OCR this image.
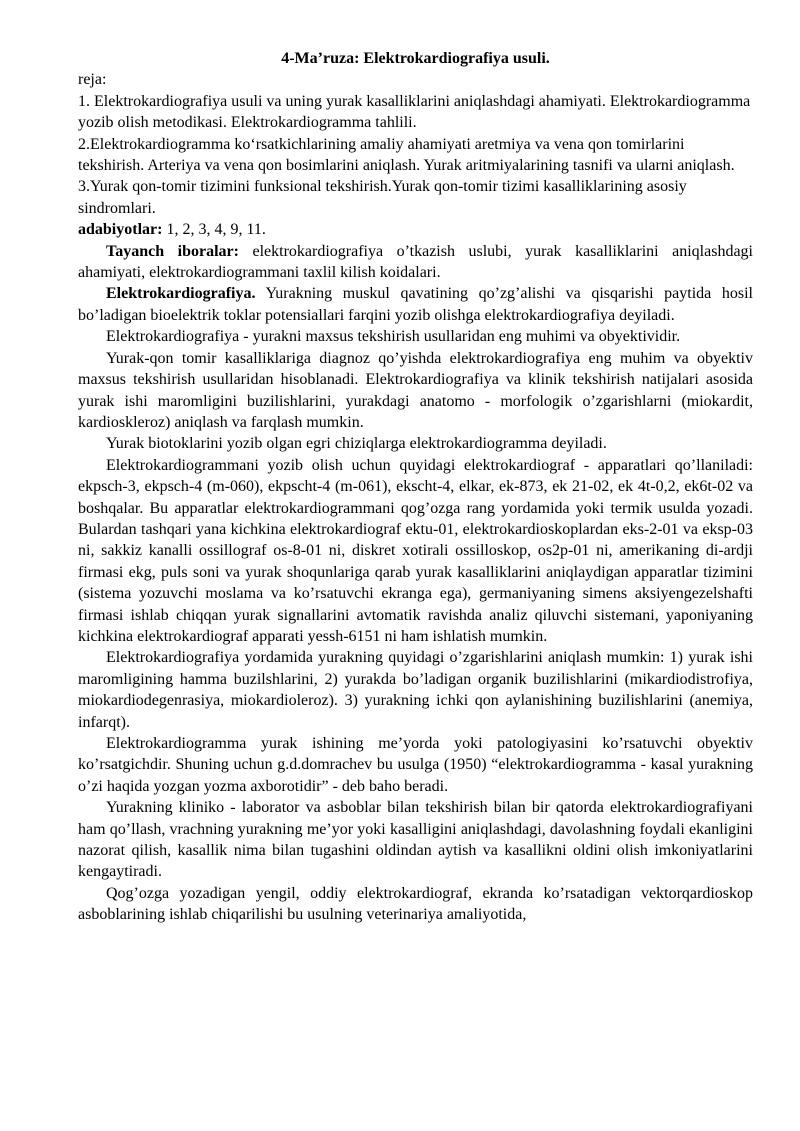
4-Ma’ruza: Elektrokardiografiya usuli.

reja:

1. Elektrokardiografiya usuli va uning yurak kasalliklarini aniqlashdagi ahamiyati. Elektrokardiogramma yozib olish metodikasi. Elektrokardiogramma tahlili.

2.Elektrokardiogramma ko‘rsatkichlarining amaliy ahamiyati aretmiya va vena qon tomirlarini tekshirish. Arteriya va vena qon bosimlarini aniqlash. Yurak aritmiyalarining tasnifi va ularni aniqlash.

3.Yurak qon-tomir tizimini funksional tekshirish.Yurak qon-tomir tizimi kasalliklarining asosiy sindromlari.

adabiyotlar: 1, 2, 3, 4, 9, 11.

Tayanch iboralar: elektrokardiografiya o’tkazish uslubi, yurak kasalliklarini aniqlashdagi ahamiyati, elektrokardiogrammani taxlil kilish koidalari.

Elektrokardiografiya. Yurakning muskul qavatining qo’zg’alishi va qisqarishi paytida hosil bo’ladigan bioelektrik toklar potensiallari farqini yozib olishga elektrokardiografiya deyiladi.

Elektrokardiografiya - yurakni maxsus tekshirish usullaridan eng muhimi va obyektividir.

Yurak-qon tomir kasalliklariga diagnoz qo’yishda elektrokardiografiya eng muhim va obyektiv maxsus tekshirish usullaridan hisoblanadi. Elektrokardiografiya va klinik tekshirish natijalari asosida yurak ishi maromligini buzilishlarini, yurakdagi anatomo - morfologik o’zgarishlarni (miokardit, kardioskleroz) aniqlash va farqlash mumkin.

Yurak biotoklarini yozib olgan egri chiziqlarga elektrokardiogramma deyiladi.

Elektrokardiogrammani yozib olish uchun quyidagi elektrokardiograf - apparatlari qo’llaniladi: ekpsch-3, ekpsch-4 (m-060), ekpscht-4 (m-061), ekscht-4, elkar, ek-873, ek 21-02, ek 4t-0,2, ek6t-02 va boshqalar. Bu apparatlar elektrokardiogrammani qog’ozga rang yordamida yoki termik usulda yozadi. Bulardan tashqari yana kichkina elektrokardiograf ektu-01, elektrokardioskoplardan eks-2-01 va eksp-03 ni, sakkiz kanalli ossillograf os-8-01 ni, diskret xotirali ossilloskop, os2p-01 ni, amerikaning di-ardji firmasi ekg, puls soni va yurak shoqunlariga qarab yurak kasalliklarini aniqlaydigan apparatlar tizimini (sistema yozuvchi moslama va ko’rsatuvchi ekranga ega), germaniyaning simens aksiyengezelshafti firmasi ishlab chiqqan yurak signallarini avtomatik ravishda analiz qiluvchi sistemani, yaponiyaning kichkina elektrokardiograf apparati yessh-6151 ni ham ishlatish mumkin.

Elektrokardiografiya yordamida yurakning quyidagi o’zgarishlarini aniqlash mumkin: 1) yurak ishi maromligining hamma buzilshlarini, 2) yurakda bo’ladigan organik buzilishlarini (mikardiodistrofiya, miokardiodegenrasiya, miokardioleroz). 3) yurakning ichki qon aylanishining buzilishlarini (anemiya, infarqt).

Elektrokardiogramma yurak ishining me’yorda yoki patologiyasini ko’rsatuvchi obyektiv ko’rsatgichdir. Shuning uchun g.d.domrachev bu usulga (1950) “elektrokardiogramma - kasal yurakning o’zi haqida yozgan yozma axborotidir” - deb baho beradi.

Yurakning kliniko - laborator va asboblar bilan tekshirish bilan bir qatorda elektrokardiografiyani ham qo’llash, vrachning yurakning me’yor yoki kasalligini aniqlashdagi, davolashning foydali ekanligini nazorat qilish, kasallik nima bilan tugashini oldindan aytish va kasallikni oldini olish imkoniyatlarini kengaytiradi.

Qog’ozga yozadigan yengil, oddiy elektrokardiograf, ekranda ko’rsatadigan vektorqardioskop asboblarining ishlab chiqarilishi bu usulning veterinariya amaliyotida,
